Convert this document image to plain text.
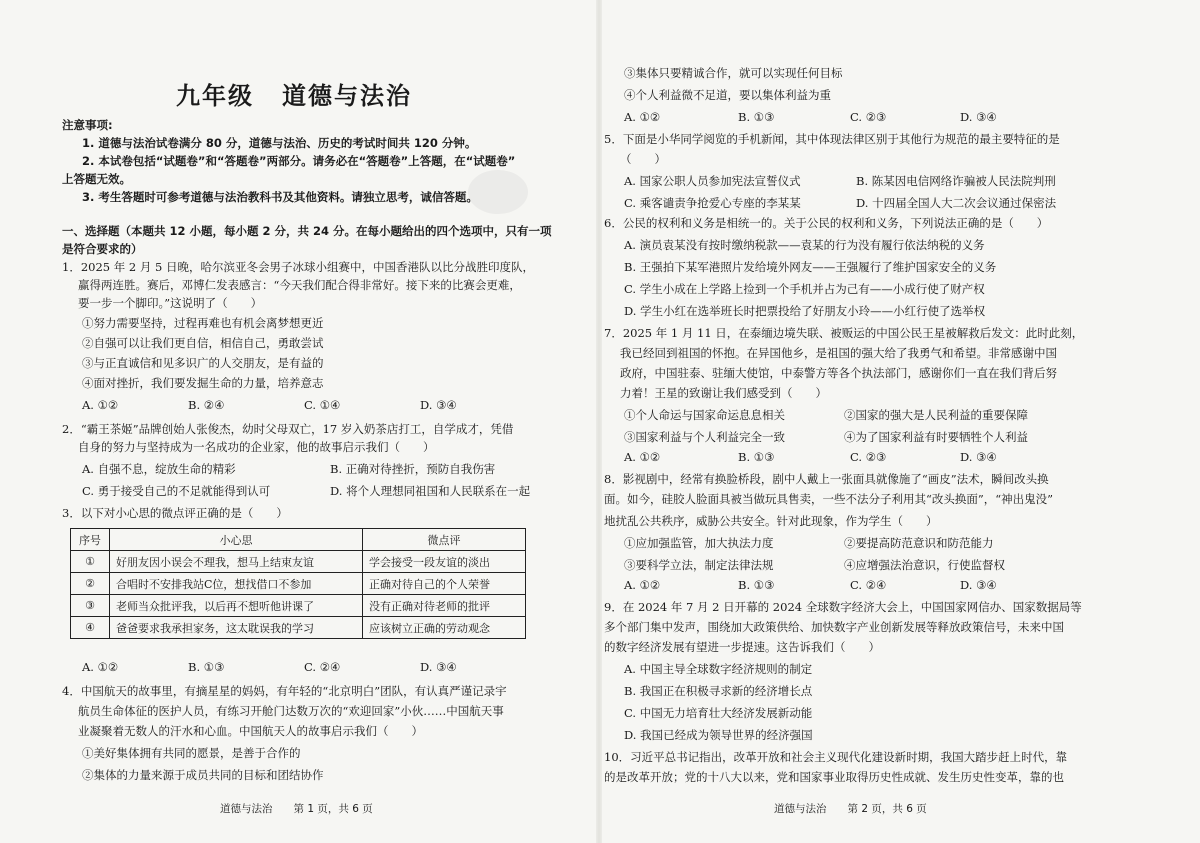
九年级 道德与法治
注意事项:
1. 道德与法治试卷满分 80 分，道德与法治、历史的考试时间共 120 分钟。
2. 本试卷包括“试题卷”和“答题卷”两部分。请务必在“答题卷”上答题，在“试题卷”
上答题无效。
3. 考生答题时可参考道德与法治教科书及其他资料。请独立思考，诚信答题。
一、选择题（本题共 12 小题，每小题 2 分，共 24 分。在每小题给出的四个选项中，只有一项
是符合要求的）
1．2025 年 2 月 5 日晚，哈尔滨亚冬会男子冰球小组赛中，中国香港队以比分战胜印度队，
赢得两连胜。赛后，邓博仁发表感言：“今天我们配合得非常好。接下来的比赛会更难，
要一步一个脚印。”这说明了（　　）
①努力需要坚持，过程再难也有机会离梦想更近
②自强可以让我们更自信，相信自己，勇敢尝试
③与正直诚信和见多识广的人交朋友，是有益的
④面对挫折，我们要发掘生命的力量，培养意志
A. ①②	B. ②④	C. ①④	D. ③④
2．“霸王茶姬”品牌创始人张俊杰，幼时父母双亡，17 岁入奶茶店打工，自学成才，凭借
自身的努力与坚持成为一名成功的企业家，他的故事启示我们（　　）
A. 自强不息，绽放生命的精彩	B. 正确对待挫折，预防自我伤害
C. 勇于接受自己的不足就能得到认可	D. 将个人理想同祖国和人民联系在一起
3．以下对小心思的微点评正确的是（　　）
序号	小心思	微点评
①	好朋友因小误会不理我，想马上结束友谊	学会接受一段友谊的淡出
②	合唱时不安排我站C位，想找借口不参加	正确对待自己的个人荣誉
③	老师当众批评我，以后再不想听他讲课了	没有正确对待老师的批评
④	爸爸要求我承担家务，这太耽误我的学习	应该树立正确的劳动观念
A. ①②	B. ①③	C. ②④	D. ③④
4．中国航天的故事里，有摘星星的妈妈，有年轻的“北京明白”团队，有认真严谨记录宇
航员生命体征的医护人员，有练习开舱门达数万次的“欢迎回家”小伙……中国航天事
业凝聚着无数人的汗水和心血。中国航天人的故事启示我们（　　）
①美好集体拥有共同的愿景，是善于合作的
②集体的力量来源于成员共同的目标和团结协作
道德与法治　　第 1 页，共 6 页
③集体只要精诚合作，就可以实现任何目标
④个人利益微不足道，要以集体利益为重
A. ①②	B. ①③	C. ②③	D. ③④
5．下面是小华同学阅览的手机新闻，其中体现法律区别于其他行为规范的最主要特征的是
（　　）
A. 国家公职人员参加宪法宣誓仪式	B. 陈某因电信网络诈骗被人民法院判刑
C. 乘客谴责争抢爱心专座的李某某	D. 十四届全国人大二次会议通过保密法
6．公民的权利和义务是相统一的。关于公民的权利和义务，下列说法正确的是（　　）
A. 演员袁某没有按时缴纳税款——袁某的行为没有履行依法纳税的义务
B. 王强拍下某军港照片发给境外网友——王强履行了维护国家安全的义务
C. 学生小成在上学路上捡到一个手机并占为己有——小成行使了财产权
D. 学生小红在选举班长时把票投给了好朋友小玲——小红行使了选举权
7．2025 年 1 月 11 日，在泰缅边境失联、被贩运的中国公民王星被解救后发文：此时此刻，
我已经回到祖国的怀抱。在异国他乡，是祖国的强大给了我勇气和希望。非常感谢中国
政府，中国驻泰、驻缅大使馆，中泰警方等各个执法部门，感谢你们一直在我们背后努
力着！王星的致谢让我们感受到（　　）
①个人命运与国家命运息息相关	②国家的强大是人民利益的重要保障
③国家利益与个人利益完全一致	④为了国家利益有时要牺牲个人利益
A. ①②	B. ①③	C. ②③	D. ③④
8．影视剧中，经常有换脸桥段，剧中人戴上一张面具就像施了“画皮”法术，瞬间改头换
面。如今，硅胶人脸面具被当做玩具售卖，一些不法分子利用其“改头换面”，“神出鬼没”
地扰乱公共秩序，威胁公共安全。针对此现象，作为学生（　　）
①应加强监管，加大执法力度	②要提高防范意识和防范能力
③要科学立法，制定法律法规	④应增强法治意识，行使监督权
A. ①②	B. ①③	C. ②④	D. ③④
9．在 2024 年 7 月 2 日开幕的 2024 全球数字经济大会上，中国国家网信办、国家数据局等
多个部门集中发声，围绕加大政策供给、加快数字产业创新发展等释放政策信号，未来中国
的数字经济发展有望进一步提速。这告诉我们（　　）
A. 中国主导全球数字经济规则的制定
B. 我国正在积极寻求新的经济增长点
C. 中国无力培育壮大经济发展新动能
D. 我国已经成为领导世界的经济强国
10．习近平总书记指出，改革开放和社会主义现代化建设新时期，我国大踏步赶上时代，靠
的是改革开放；党的十八大以来，党和国家事业取得历史性成就、发生历史性变革，靠的也
道德与法治　　第 2 页，共 6 页
